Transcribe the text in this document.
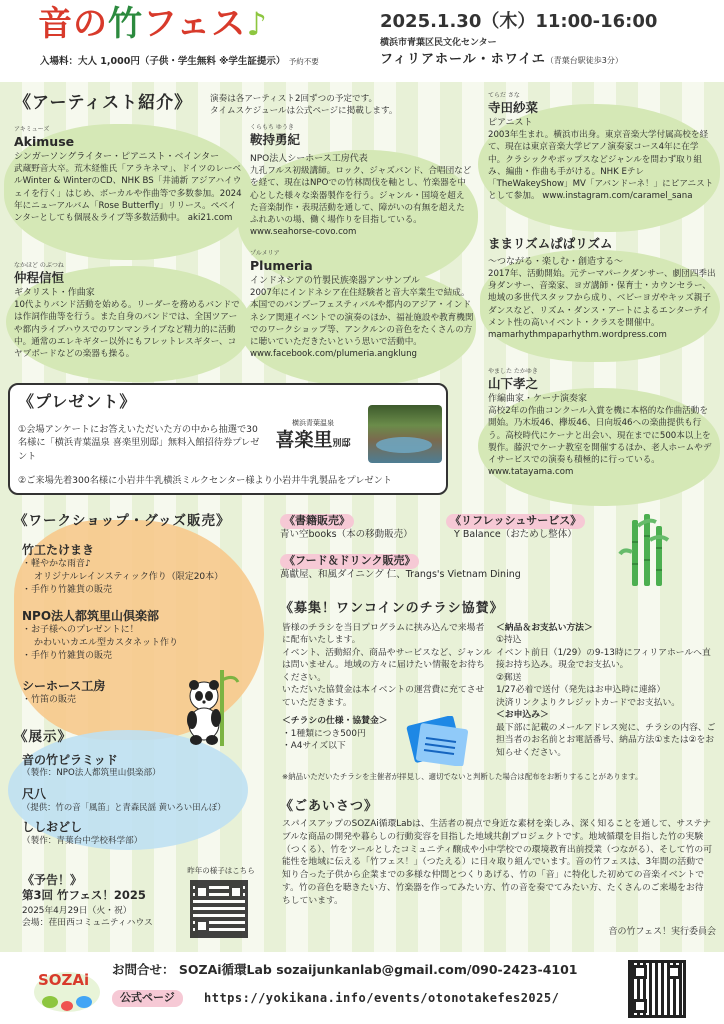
音の竹フェス♪
入場料：大人 1,000円（子供・学生無料 ※学生証提示） 予約不要
2025.1.30（木）11:00-16:00
横浜市青葉区民文化センター
フィリアホール・ホワイエ（青葉台駅徒歩3分）
《アーティスト紹介》 演奏は各アーティスト2回ずつの予定です。
タイムスケジュールは公式ページに掲載します。
アキミューズ
Akimuse
シンガーソングライター・ピアニスト・ベインター
武蔵野音大卒。荒木経惟氏「アラキネマ」、ドイツのレーベルWinter & WinterのCD、NHK BS「井浦新 アジアハイウェイを行く」はじめ、ボーカルや作曲等で多数参加。2024年にニューアルバム「Rose Butterfly」リリース。ぺベインターとしても個展＆ライブ等多数活動中。 aki21.com
くらもち ゆうき
鞍持勇紀
NPO法人シーホース工房代表
九孔フルス初級講師。ロック、ジャズバンド、合唱団などを経て、現在はNPOでの竹林間伐を軸とし、竹楽器を中心とした様々な楽器製作を行う。ジャンル・国境を超えた音楽制作・表現活動を通して、障がいの有無を超えたふれあいの場、働く場作りを目指している。 www.seahorse-covo.com
てらだ さな
寺田紗菜
ピアニスト
2003年生まれ。横浜市出身。東京音楽大学付属高校を経て、現在は東京音楽大学ピアノ演奏家コース4年に在学中。クラシックやポップスなどジャンルを問わず取り組み、編曲・作曲も手がける。NHK Eテレ「TheWakeyShow」MV「アバンドーネ！」にピアニストとして参加。 www.instagram.com/caramel_sana
なかほど のぶつね
仲程信恒
ギタリスト・作曲家
10代よりバンド活動を始める。リーダーを務めるバンドでは作詞作曲等を行う。また自身のバンドでは、全国ツアーや都内ライブハウスでのワンマンライブなど精力的に活動中。通常のエレキギター以外にもフレットレスギター、コヤブボードなどの楽器も操る。
プルメリア
Plumeria
インドネシアの竹製民族楽器アンサンブル
2007年にインドネシア在住経験者と音大卒業生で結成。本国でのバンブーフェスティバルや都内のアジア・インドネシア関連イベントでの演奏のほか、福祉施設や教育機関でのワークショップ等、アンクルンの音色をたくさんの方に聴いていただきたいという思いで活動中。 www.facebook.com/plumeria.angklung
ままリズムぱぱリズム
〜つながる・楽しむ・創造する〜
2017年、活動開始。元テーマパークダンサー、劇団四季出身ダンサー、音楽家、ヨガ講師・保育士・カウンセラー、地域の多世代スタッフから成り、ベビーヨガやキッズ親子ダンスなど、リズム・ダンス・アートによるエンターテイメント性の高いイベント・クラスを開催中。 mamarhythmpaparhythm.wordpress.com
やました たかゆき
山下孝之
作編曲家・ケーナ演奏家
高校2年の作曲コンクール入賞を機に本格的な作曲活動を開始。乃木坂46、欅坂46、日向坂46への楽曲提供も行う。高校時代にケーナと出会い、現在までに500本以上を製作。藤沢でケーナ教室を開催するほか、老人ホームやデイサービスでの演奏も積極的に行っている。 www.tatayama.com
《プレゼント》
①会場アンケートにお答えいただいた方の中から抽選で30名様に「横浜青葉温泉 喜楽里別邸」無料入館招待券プレゼント
横浜青葉温泉
喜楽里別邸
②ご来場先着300名様に小岩井牛乳横浜ミルクセンター様より小岩井牛乳製品をプレゼント
《ワークショップ・グッズ販売》
竹工たけまき
・軽やかな雨音♪
オリジナルレインスティック作り（限定20本）
・手作り竹雑貨の販売
NPO法人都筑里山倶楽部
・お子様へのプレゼントに！
かわいいカエル型カスタネット作り
・手作り竹雑貨の販売
シーホース工房
・竹笛の販売
《展示》
音の竹ピラミッド
（製作：NPO法人都筑里山倶楽部）
尺八
（提供：竹の音「風笛」と青森民謡 黄いろい田んぼ）
ししおどし
（製作：青葉台中学校科学部）
《予告！》
第3回 竹フェス！2025
2025年4月29日（火・祝）
会場：荏田西コミュニティハウス
昨年の様子はこちら
《書籍販売》
青い空books（本の移動販売）
《リフレッシュサービス》
Y Balance（おためし整体）
《フード＆ドリンク販売》
萬獻屋、和風ダイニング 仁、Trangs's Vietnam Dining
《募集！ワンコインのチラシ協賛》
皆様のチラシを当日プログラムに挟み込んで来場者に配布いたします。
イベント、活動紹介、商品やサービスなど、ジャンルは問いません。地域の方々に届けたい情報をお待ちください。
いただいた協賛金は本イベントの運営費に充てさせていただきます。
＜チラシの仕様・協賛金＞
・1種類につき500円
・A4サイズ以下
＜納品＆お支払い方法＞
①持込
イベント前日（1/29）の9-13時にフィリアホールへ直接お持ち込み。現金でお支払い。
②郵送
1/27必着で送付（発先はお申込時に連絡）
決済リンクよりクレジットカードでお支払い。
＜お申込み＞
最下部に記載のメールアドレス宛に、チラシの内容、ご担当者のお名前とお電話番号、納品方法①または②をお知らせください。
※納品いただいたチラシを主催者が拝見し、適切でないと判断した場合は配布をお断りすることがあります。
《ごあいさつ》
スパイスアップのSOZAi循環Labは、生活者の視点で身近な素材を楽しみ、深く知ることを通して、サステナブルな商品の開発や暮らしの行動変容を目指した地域共創プロジェクトです。地域循環を目指した竹の実験（つくる）、竹をツールとしたコミュニティ醸成や小中学校での環境教育出前授業（つながる）、そして竹の可能性を地域に伝える「竹フェス！」（つたえる）に日々取り組んでいます。音の竹フェスは、3年間の活動で知り合った子供から企業までの多様な仲間とつくりあげる、竹の「音」に特化した初めての音楽イベントです。竹の音色を聴きたい方、竹楽器を作ってみたい方、竹の音を奏でてみたい方、たくさんのご来場をお待ちしています。
音の竹フェス！実行委員会
SOZAi
お問合せ： SOZAi循環Lab sozaijunkanlab@gmail.com/090-2423-4101
公式ページ	https://yokikana.info/events/otonotakefes2025/
